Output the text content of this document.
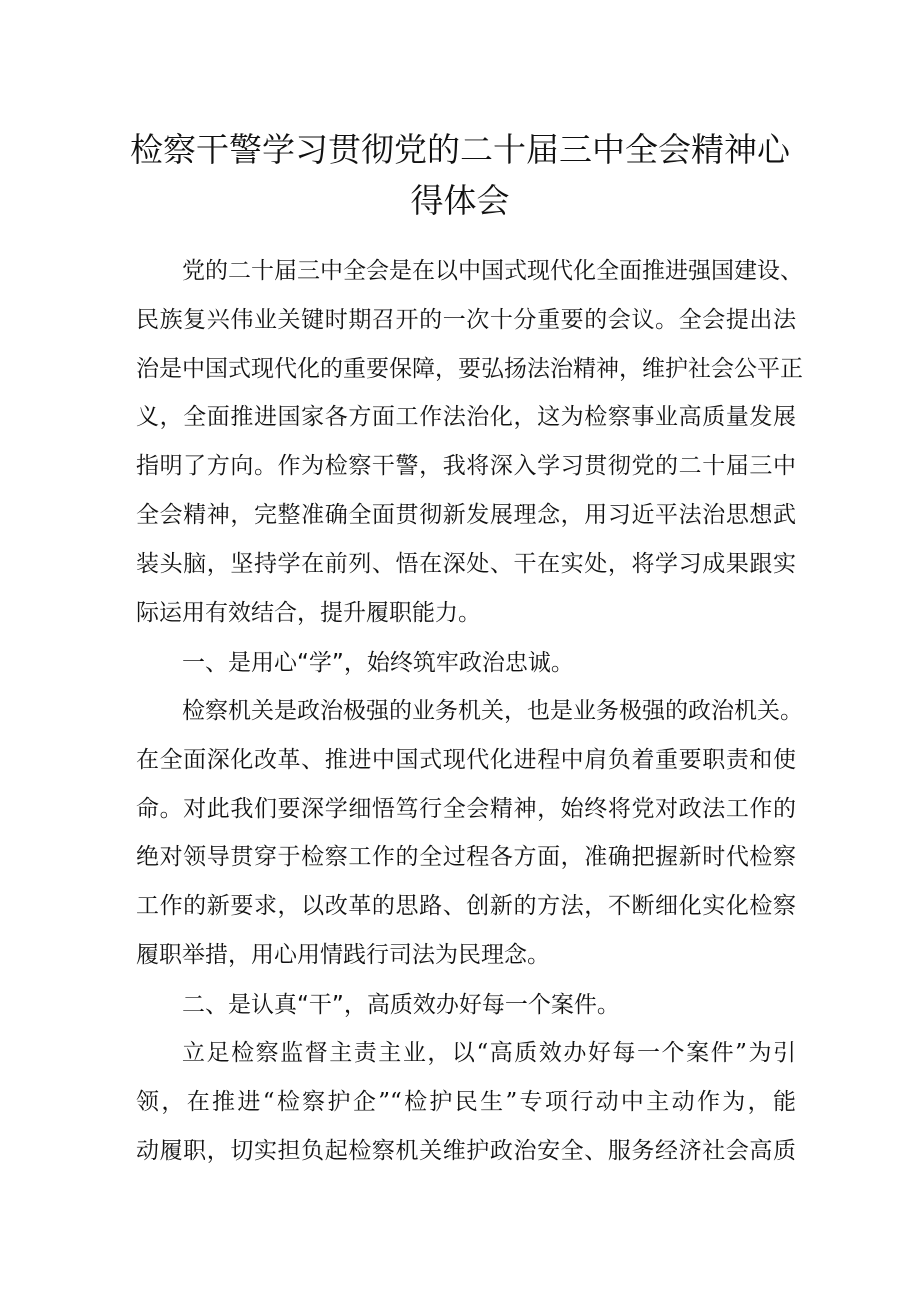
检察干警学习贯彻党的二十届三中全会精神心
得体会
党的二十届三中全会是在以中国式现代化全面推进强国建设、
民族复兴伟业关键时期召开的一次十分重要的会议。全会提出法
治是中国式现代化的重要保障，要弘扬法治精神，维护社会公平正
义，全面推进国家各方面工作法治化，这为检察事业高质量发展
指明了方向。作为检察干警，我将深入学习贯彻党的二十届三中
全会精神，完整准确全面贯彻新发展理念，用习近平法治思想武
装头脑，坚持学在前列、悟在深处、干在实处，将学习成果跟实
际运用有效结合，提升履职能力。
一、是用心“学”，始终筑牢政治忠诚。
检察机关是政治极强的业务机关，也是业务极强的政治机关。
在全面深化改革、推进中国式现代化进程中肩负着重要职责和使
命。对此我们要深学细悟笃行全会精神，始终将党对政法工作的
绝对领导贯穿于检察工作的全过程各方面，准确把握新时代检察
工作的新要求，以改革的思路、创新的方法，不断细化实化检察
履职举措，用心用情践行司法为民理念。
二、是认真“干”，高质效办好每一个案件。
立足检察监督主责主业，以“高质效办好每一个案件”为引
领，在推进“检察护企”“检护民生”专项行动中主动作为，能
动履职，切实担负起检察机关维护政治安全、服务经济社会高质
